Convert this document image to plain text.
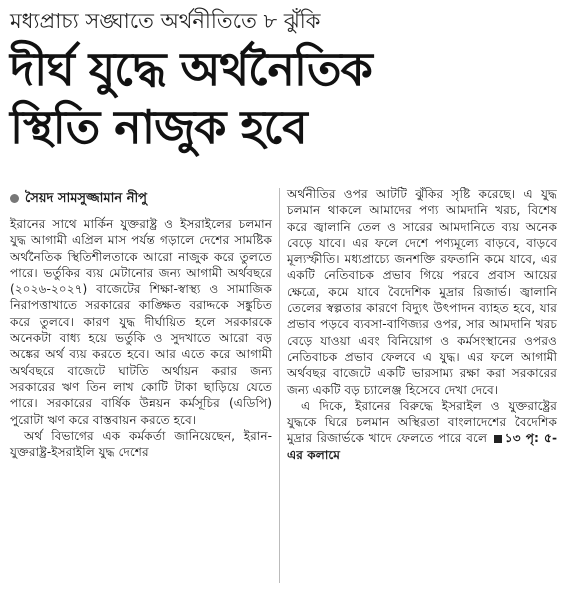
মধ্যপ্রাচ্য সঙ্ঘাতে অর্থনীতিতে ৮ ঝুঁকি
দীর্ঘ যুদ্ধে অর্থনৈতিক
স্থিতি নাজুক হবে
সৈয়দ সামসুজ্জামান নীপু

ইরানের সাথে মার্কিন যুক্তরাষ্ট্র ও ইসরাইলের চলমান যুদ্ধ আগামী এপ্রিল মাস পর্যন্ত গড়ালে দেশের সামষ্টিক অর্থনৈতিক স্থিতিশীলতাকে আরো নাজুক করে তুলতে পারে। ভর্তুকির ব্যয় মেটানোর জন্য আগামী অর্থবছরে (২০২৬-২০২৭) বাজেটের শিক্ষা-স্বাস্থ্য ও সামাজিক নিরাপত্তাখাতে সরকারের কাঙ্ক্ষিত বরাদ্দকে সঙ্কুচিত করে তুলবে। কারণ যুদ্ধ দীর্ঘায়িত হলে সরকারকে অনেকটা বাধ্য হয়ে ভর্তুকি ও সুদখাতে আরো বড় অঙ্কের অর্থ ব্যয় করতে হবে। আর এতে করে আগামী অর্থবছরে বাজেটে ঘাটতি অর্থায়ন করার জন্য সরকারের ঋণ তিন লাখ কোটি টাকা ছাড়িয়ে যেতে পারে। সরকারের বার্ষিক উন্নয়ন কর্মসূচির (এডিপি) পুরোটা ঋণ করে বাস্তবায়ন করতে হবে।

অর্থ বিভাগের এক কর্মকর্তা জানিয়েছেন, ইরান-যুক্তরাষ্ট্র-ইসরাইলি যুদ্ধ দেশের

অর্থনীতির ওপর আটটি ঝুঁকির সৃষ্টি করেছে। এ যুদ্ধ চলমান থাকলে আমাদের পণ্য আমদানি খরচ, বিশেষ করে জ্বালানি তেল ও সারের আমদানিতে ব্যয় অনেক বেড়ে যাবে। এর ফলে দেশে পণ্যমূল্যে বাড়বে, বাড়বে মূল্যস্ফীতি। মধ্যপ্রাচ্যে জনশক্তি রফতানি কমে যাবে, এর একটি নেতিবাচক প্রভাব গিয়ে পরবে প্রবাস আয়ের ক্ষেত্রে, কমে যাবে বৈদেশিক মুদ্রার রিজার্ভ। জ্বালানি তেলের স্বল্পতার কারণে বিদ্যুৎ উৎপাদন ব্যাহত হবে, যার প্রভাব পড়বে ব্যবসা-বাণিজ্যর ওপর, সার আমদানি খরচ বেড়ে যাওয়া এবং বিনিয়োগ ও কর্মসংস্থানের ওপরও নেতিবাচক প্রভাব ফেলবে এ যুদ্ধ। এর ফলে আগামী অর্থবছর বাজেটে একটি ভারসাম্য রক্ষা করা সরকারের জন্য একটি বড় চ্যালেঞ্জ হিসেবে দেখা দেবে।

এ দিকে, ইরানের বিরুদ্ধে ইসরাইল ও যুক্তরাষ্ট্রের যুদ্ধকে ঘিরে চলমান অস্থিরতা বাংলাদেশের বৈদেশিক মুদ্রার রিজার্ভকে খাদে ফেলতে পারে বলে ১৩ পৃ: ৫-এর কলামে
